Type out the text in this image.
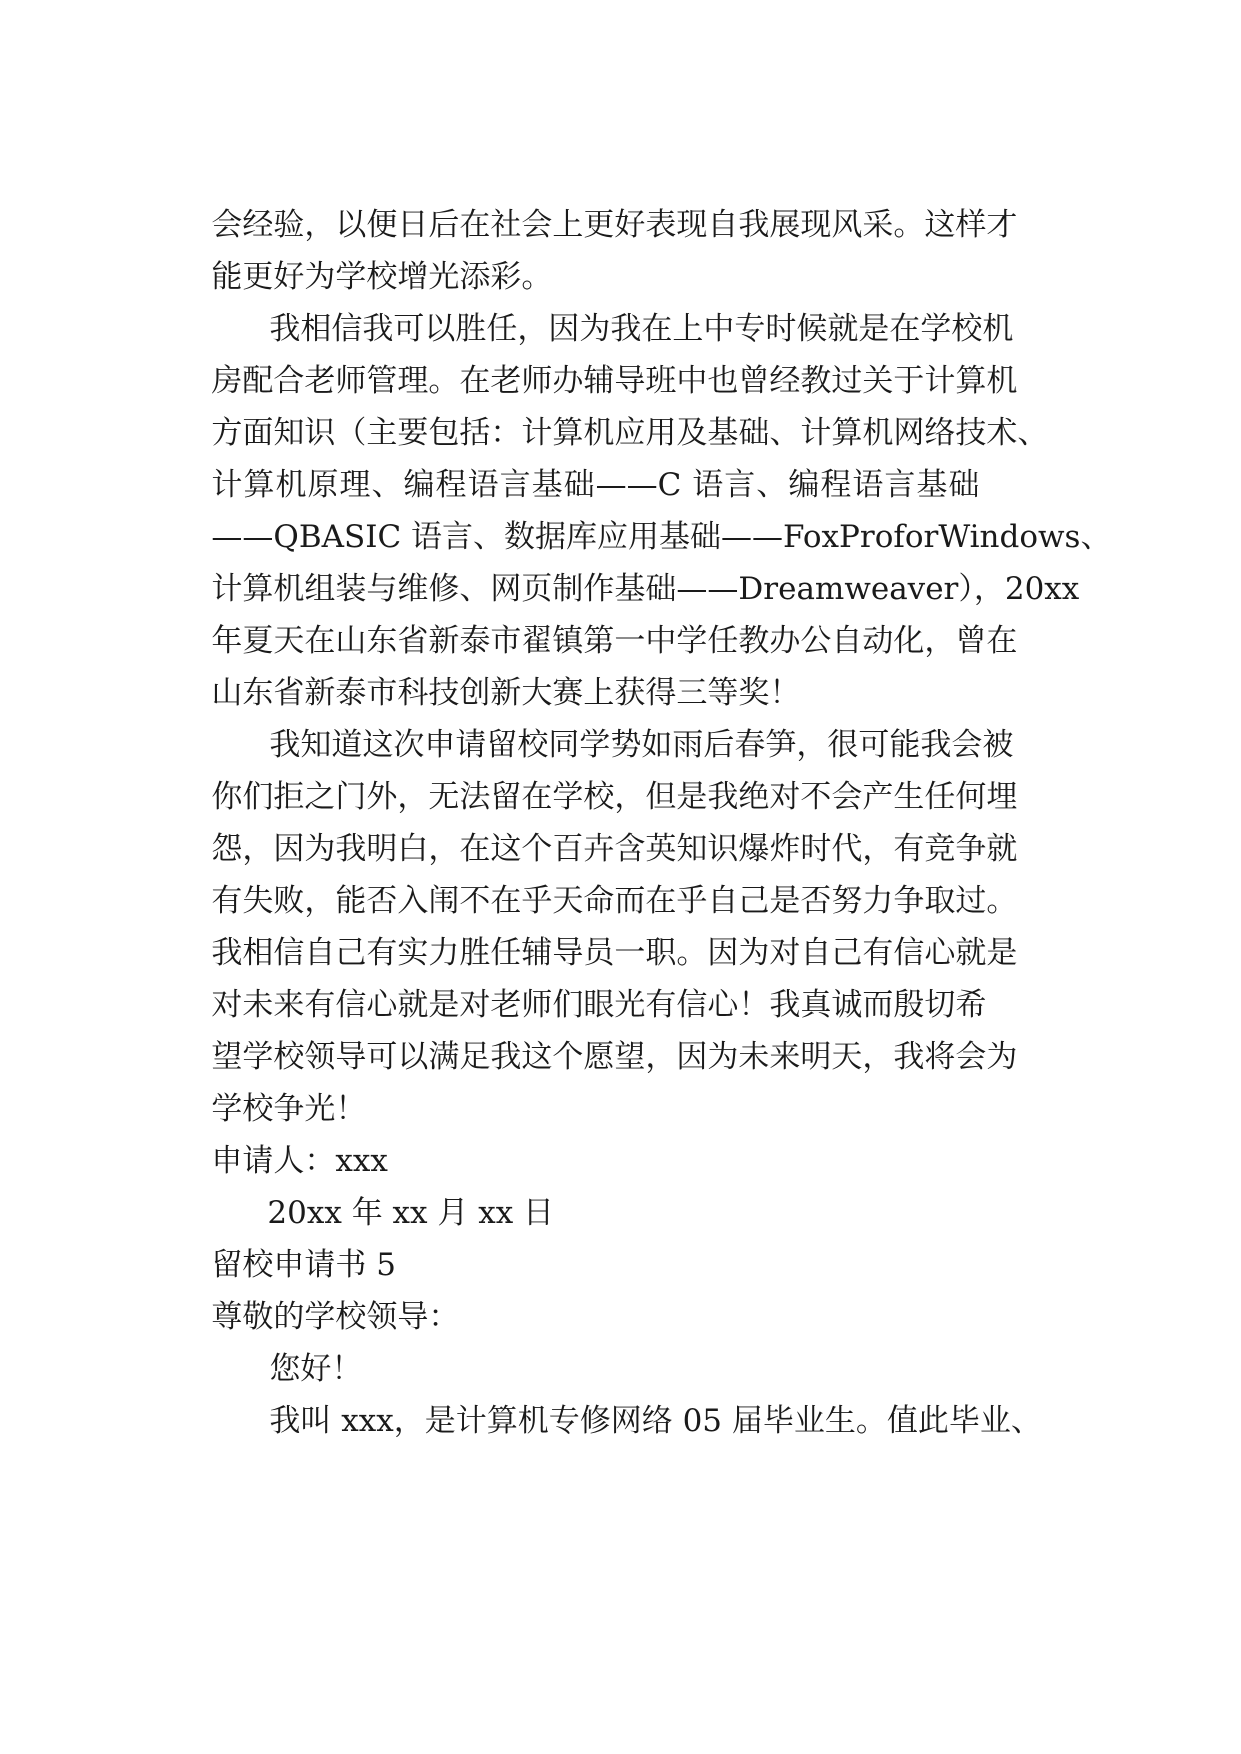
会经验，以便日后在社会上更好表现自我展现风采。这样才

能更好为学校增光添彩。

我相信我可以胜任，因为我在上中专时候就是在学校机

房配合老师管理。在老师办辅导班中也曾经教过关于计算机

方面知识（主要包括：计算机应用及基础、计算机网络技术、

计算机原理、编程语言基础——C 语言、编程语言基础

——QBASIC 语言、数据库应用基础——FoxProforWindows、

计算机组装与维修、网页制作基础——Dreamweaver），20xx

年夏天在山东省新泰市翟镇第一中学任教办公自动化，曾在

山东省新泰市科技创新大赛上获得三等奖！

我知道这次申请留校同学势如雨后春笋，很可能我会被

你们拒之门外，无法留在学校，但是我绝对不会产生任何埋

怨，因为我明白，在这个百卉含英知识爆炸时代，有竞争就

有失败，能否入闱不在乎天命而在乎自己是否努力争取过。

我相信自己有实力胜任辅导员一职。因为对自己有信心就是

对未来有信心就是对老师们眼光有信心！我真诚而殷切希

望学校领导可以满足我这个愿望，因为未来明天，我将会为

学校争光！

申请人：xxx

20xx 年 xx 月 xx 日

留校申请书 5

尊敬的学校领导：

您好！

我叫 xxx，是计算机专修网络 05 届毕业生。值此毕业、
